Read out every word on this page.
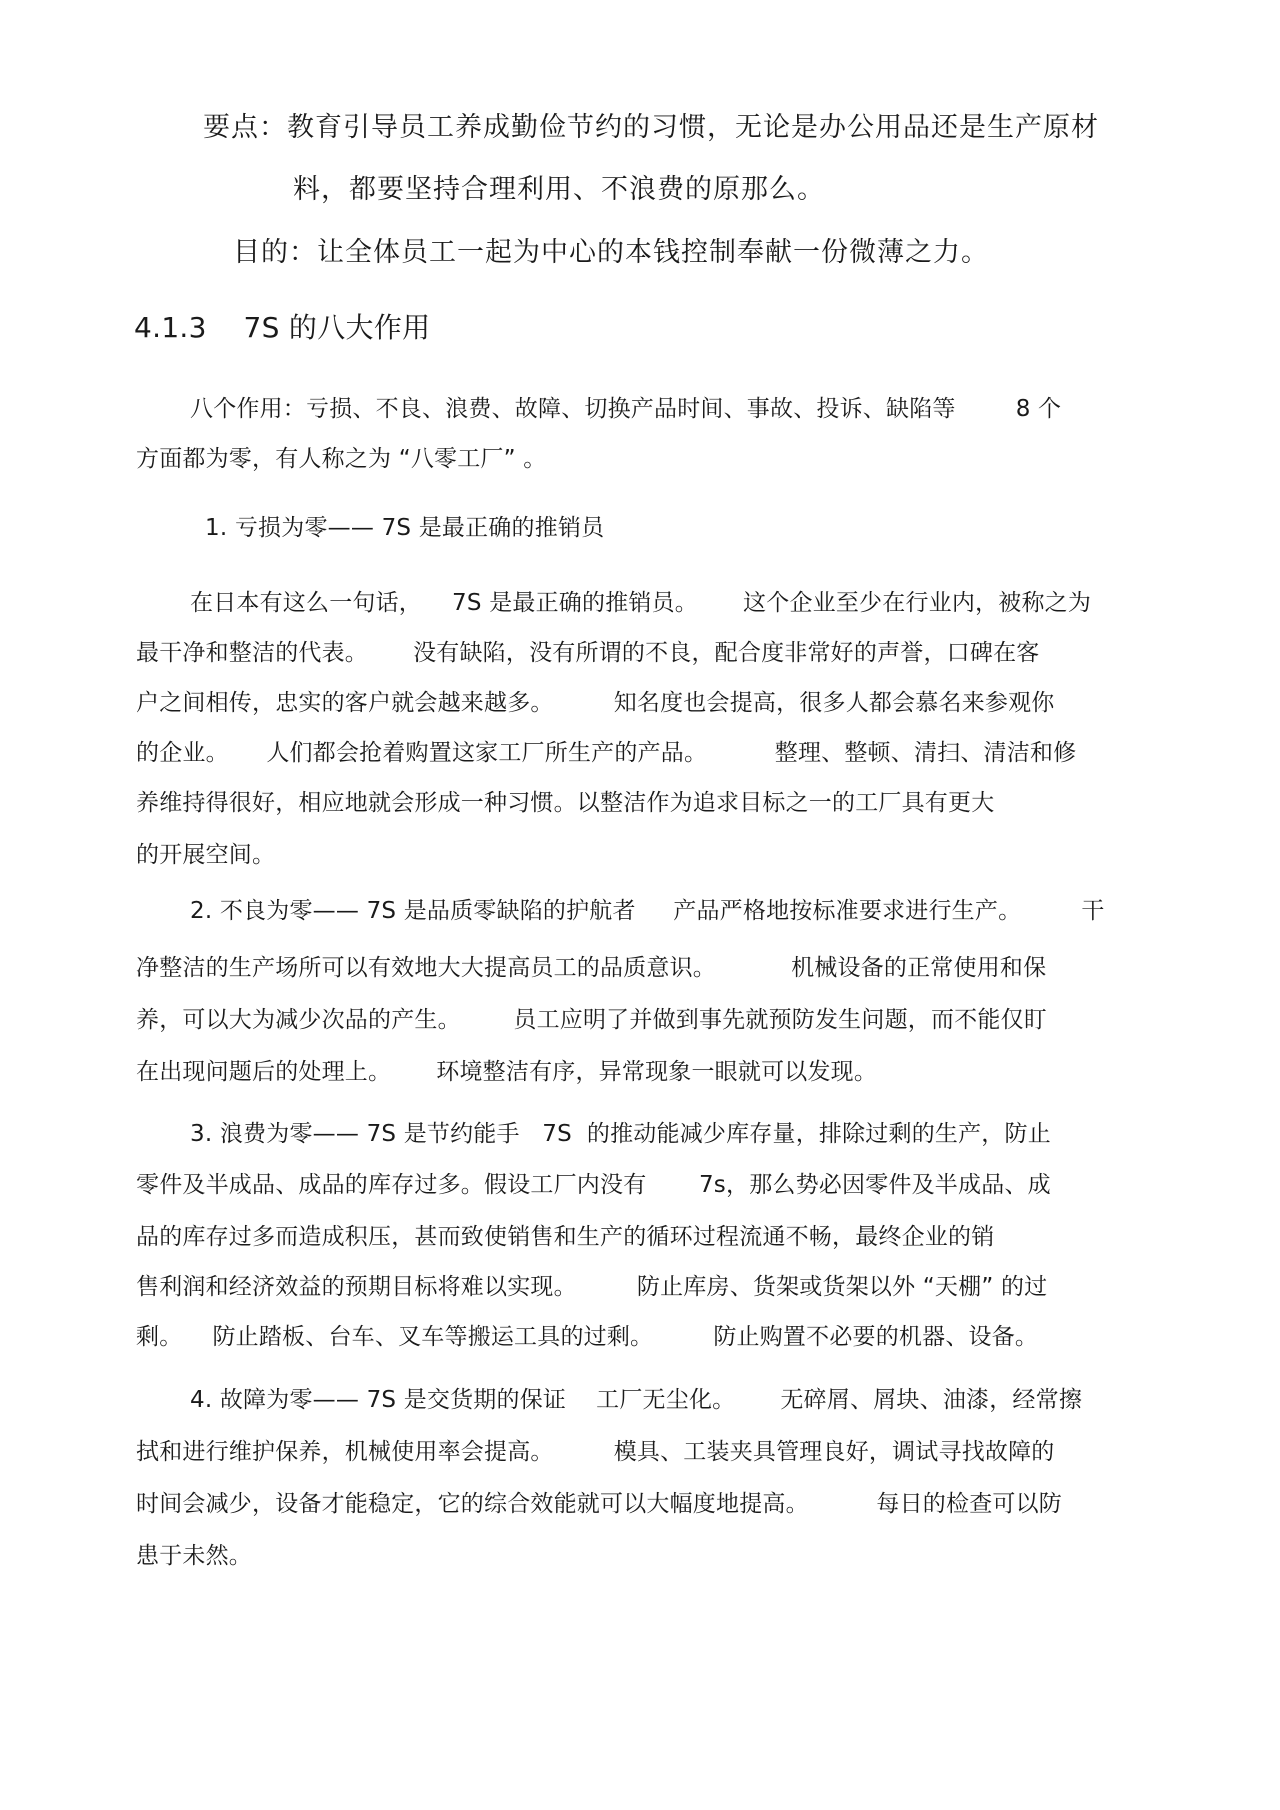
要点：教育引导员工养成勤俭节约的习惯，无论是办公用品还是生产原材
料，都要坚持合理利用、不浪费的原那么。
目的：让全体员工一起为中心的本钱控制奉献一份微薄之力。
4.1.3    7S 的八大作用
八个作用：亏损、不良、浪费、故障、切换产品时间、事故、投诉、缺陷等        8 个
方面都为零，有人称之为 “八零工厂” 。
1. 亏损为零—— 7S 是最正确的推销员
在日本有这么一句话，    7S 是最正确的推销员。      这个企业至少在行业内，被称之为
最干净和整洁的代表。      没有缺陷，没有所谓的不良，配合度非常好的声誉，口碑在客
户之间相传，忠实的客户就会越来越多。        知名度也会提高，很多人都会慕名来参观你
的企业。     人们都会抢着购置这家工厂所生产的产品。         整理、整顿、清扫、清洁和修
养维持得很好，相应地就会形成一种习惯。以整洁作为追求目标之一的工厂具有更大
的开展空间。
2. 不良为零—— 7S 是品质零缺陷的护航者     产品严格地按标准要求进行生产。        干
净整洁的生产场所可以有效地大大提高员工的品质意识。          机械设备的正常使用和保
养，可以大为减少次品的产生。       员工应明了并做到事先就预防发生问题，而不能仅盯
在出现问题后的处理上。      环境整洁有序，异常现象一眼就可以发现。
3. 浪费为零—— 7S 是节约能手   7S  的推动能减少库存量，排除过剩的生产，防止
零件及半成品、成品的库存过多。假设工厂内没有       7s，那么势必因零件及半成品、成
品的库存过多而造成积压，甚而致使销售和生产的循环过程流通不畅，最终企业的销
售利润和经济效益的预期目标将难以实现。        防止库房、货架或货架以外 “天棚” 的过
剩。    防止踏板、台车、叉车等搬运工具的过剩。        防止购置不必要的机器、设备。
4. 故障为零—— 7S 是交货期的保证    工厂无尘化。      无碎屑、屑块、油漆，经常擦
拭和进行维护保养，机械使用率会提高。        模具、工装夹具管理良好，调试寻找故障的
时间会减少，设备才能稳定，它的综合效能就可以大幅度地提高。         每日的检查可以防
患于未然。
